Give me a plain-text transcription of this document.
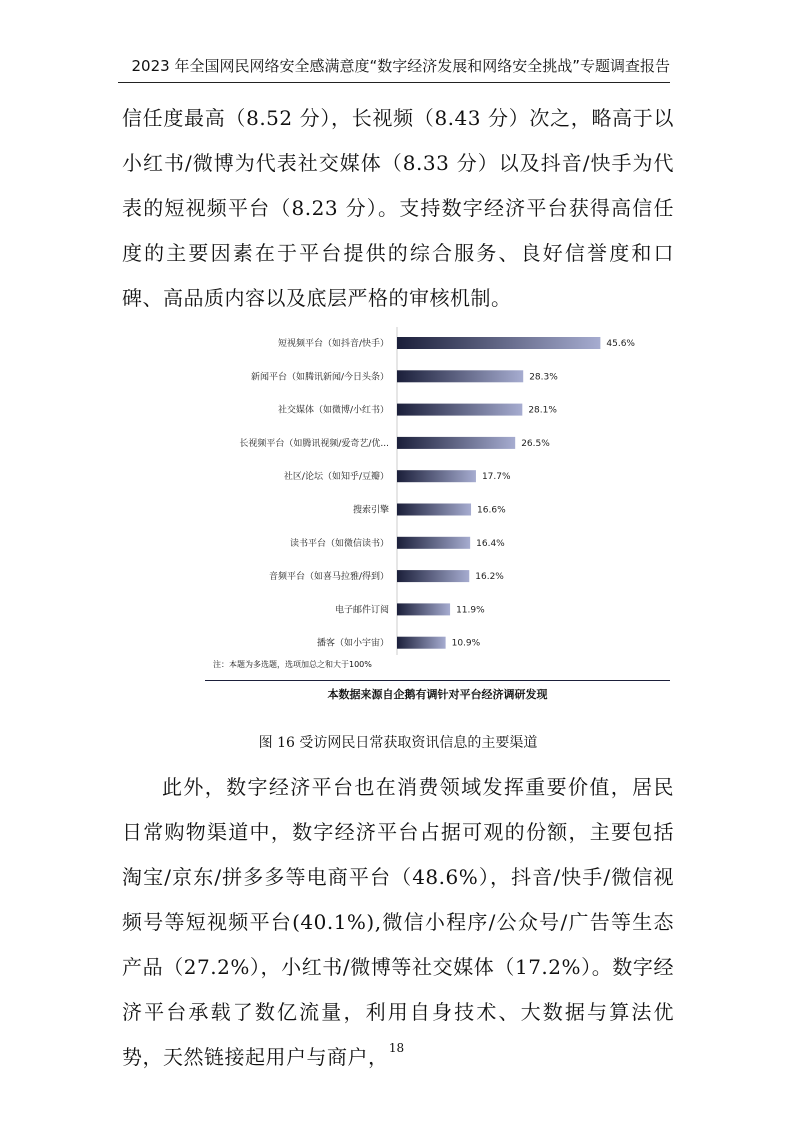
2023 年全国网民网络安全感满意度“数字经济发展和网络安全挑战”专题调查报告

信任度最高（8.52 分），长视频（8.43 分）次之，略高于以小红书/微博为代表社交媒体（8.33 分）以及抖音/快手为代表的短视频平台（8.23 分）。支持数字经济平台获得高信任度的主要因素在于平台提供的综合服务、良好信誉度和口碑、高品质内容以及底层严格的审核机制。

短视频平台（如抖音/快手）	45.6%
新闻平台（如腾讯新闻/今日头条）	28.3%
社交媒体（如微博/小红书）	28.1%
长视频平台（如腾讯视频/爱奇艺/优...	26.5%
社区/论坛（如知乎/豆瓣）	17.7%
搜索引擎	16.6%
读书平台（如微信读书）	16.4%
音频平台（如喜马拉雅/得到）	16.2%
电子邮件订阅	11.9%
播客（如小宇宙）	10.9%
注：本题为多选题，选项加总之和大于100%
本数据来源自企鹅有调针对平台经济调研发现
图 16 受访网民日常获取资讯信息的主要渠道

此外，数字经济平台也在消费领域发挥重要价值，居民日常购物渠道中，数字经济平台占据可观的份额，主要包括淘宝/京东/拼多多等电商平台（48.6%），抖音/快手/微信视频号等短视频平台(40.1%),微信小程序/公众号/广告等生态产品（27.2%），小红书/微博等社交媒体（17.2%）。数字经济平台承载了数亿流量，利用自身技术、大数据与算法优势，天然链接起用户与商户， 18
